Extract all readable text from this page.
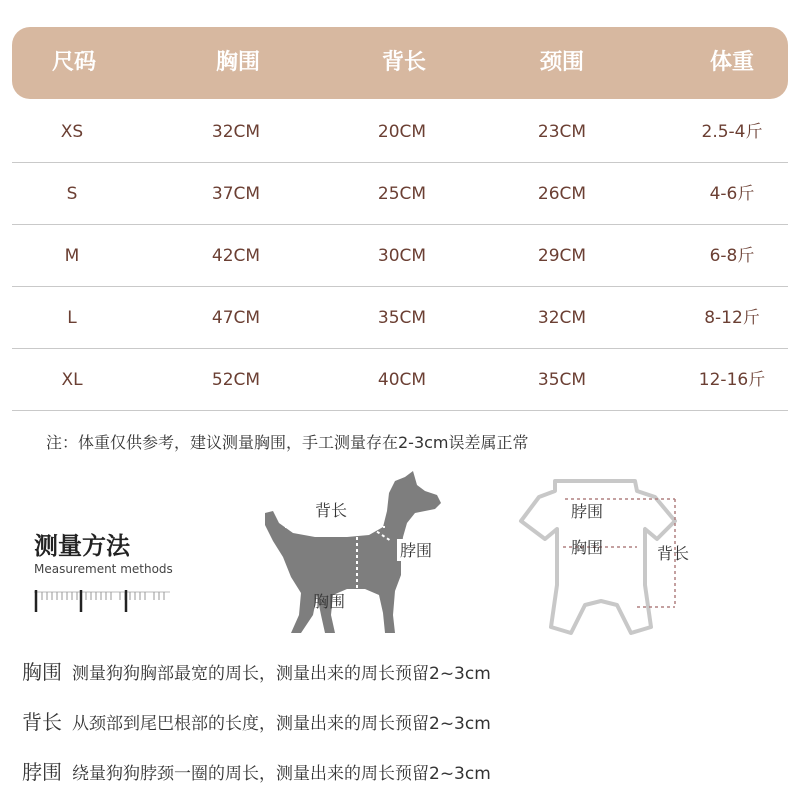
尺码	胸围	背长	颈围	体重
XS	32CM	20CM	23CM	2.5-4斤
S	37CM	25CM	26CM	4-6斤
M	42CM	30CM	29CM	6-8斤
L	47CM	35CM	32CM	8-12斤
XL	52CM	40CM	35CM	12-16斤
注：体重仅供参考，建议测量胸围，手工测量存在2-3cm误差属正常
测量方法
Measurement methods
背长
脖围
胸围
脖围
胸围	背长
胸围 测量狗狗胸部最宽的周长，测量出来的周长预留2~3cm
背长 从颈部到尾巴根部的长度，测量出来的周长预留2~3cm
脖围 绕量狗狗脖颈一圈的周长，测量出来的周长预留2~3cm
